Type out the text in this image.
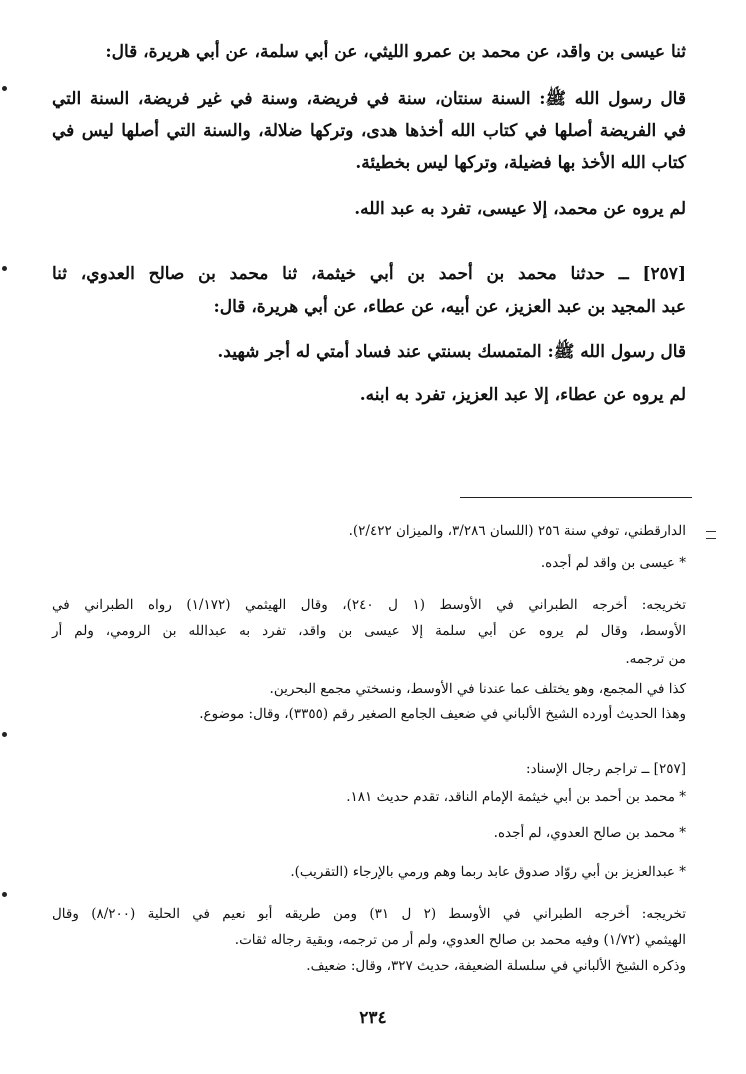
ثنا عيسى بن واقد، عن محمد بن عمرو الليثي، عن أبي سلمة، عن أبي هريرة، قال:
قال رسول الله ﷺ: السنة سنتان، سنة في فريضة، وسنة في غير فريضة، السنة التي
في الفريضة أصلها في كتاب الله أخذها هدى، وتركها ضلالة، والسنة التي أصلها ليس في
كتاب الله الأخذ بها فضيلة، وتركها ليس بخطيئة.
لم يروه عن محمد، إلا عيسى، تفرد به عبد الله.
[٢٥٧] ــ حدثنا محمد بن أحمد بن أبي خيثمة، ثنا محمد بن صالح العدوي، ثنا
عبد المجيد بن عبد العزيز، عن أبيه، عن عطاء، عن أبي هريرة، قال:
قال رسول الله ﷺ: المتمسك بسنتي عند فساد أمتي له أجر شهيد.
لم يروه عن عطاء، إلا عبد العزيز، تفرد به ابنه.
الدارقطني، توفي سنة ٢٥٦ (اللسان ٣/٢٨٦، والميزان ٢/٤٢٢).
* عيسى بن واقد لم أجده.
تخريجه: أخرجه الطبراني في الأوسط (١ ل ٢٤٠)، وقال الهيثمي (١/١٧٢) رواه الطبراني في
الأوسط، وقال لم يروه عن أبي سلمة إلا عيسى بن واقد، تفرد به عبدالله بن الرومي، ولم أر
من ترجمه.
كذا في المجمع، وهو يختلف عما عندنا في الأوسط، ونسختي مجمع البحرين.
وهذا الحديث أورده الشيخ الألباني في ضعيف الجامع الصغير رقم (٣٣٥٥)، وقال: موضوع.
[٢٥٧] ــ تراجم رجال الإسناد:
* محمد بن أحمد بن أبي خيثمة الإمام الناقد، تقدم حديث ١٨١.
* محمد بن صالح العدوي، لم أجده.
* عبدالعزيز بن أبي روّاد صدوق عابد ربما وهم ورمي بالإرجاء (التقريب).
تخريجه: أخرجه الطبراني في الأوسط (٢ ل ٣١) ومن طريقه أبو نعيم في الحلية (٨/٢٠٠) وقال
الهيثمي (١/٧٢) وفيه محمد بن صالح العدوي، ولم أر من ترجمه، وبقية رجاله ثقات.
وذكره الشيخ الألباني في سلسلة الضعيفة، حديث ٣٢٧، وقال: ضعيف.
٢٣٤
